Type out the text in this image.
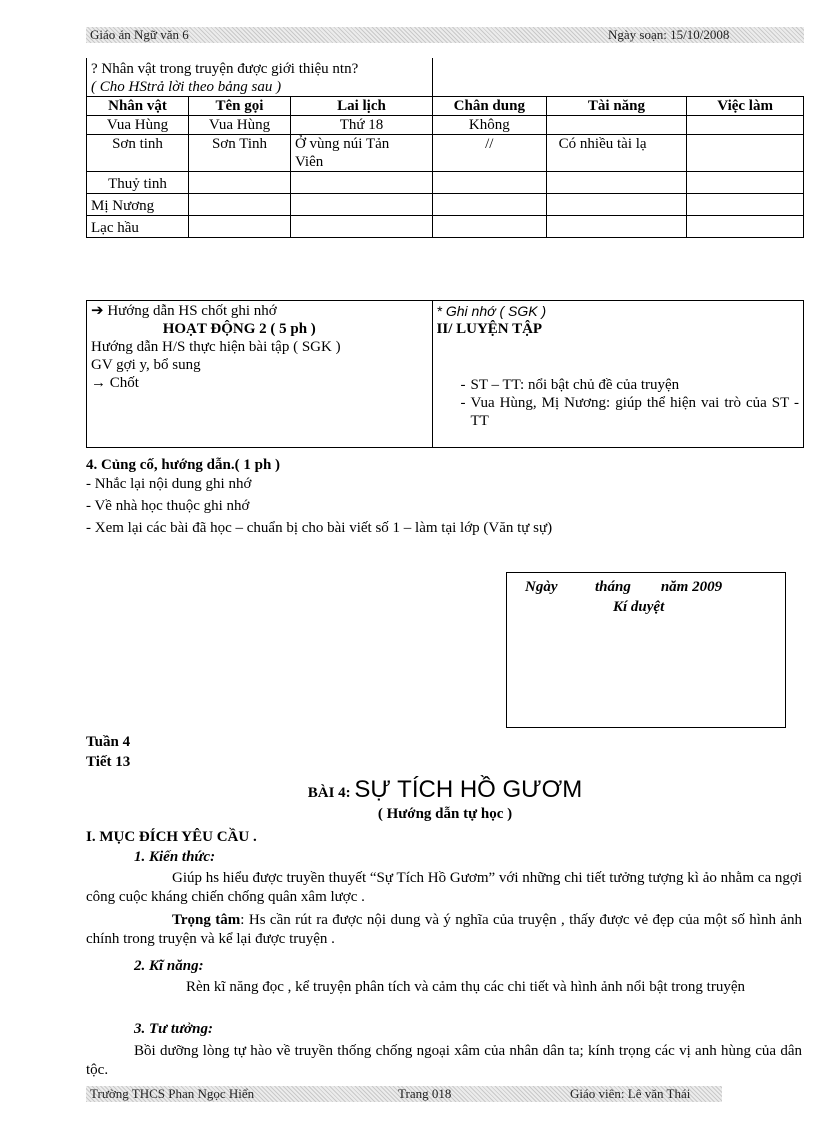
Giáo án Ngữ văn 6	Ngày soạn: 15/10/2008
? Nhân vật trong truyện được giới thiệu ntn?
( Cho HStrả lời theo bảng sau )					

Nhân vật	Tên gọi	Lai lịch	Chân dung	Tài năng	Việc làm
Vua Hùng	Vua Hùng	Thứ 18	Không		
Sơn tinh	Sơn Tinh	Ở vùng núi Tản Viên	//	Có nhiều tài lạ	
Thuỷ tinh					
Mị Nương					
Lạc hầu					
➔ Hướng dẫn HS chốt ghi nhớ
HOẠT ĐỘNG 2 ( 5 ph )
Hướng dẫn H/S thực hiện bài tập ( SGK )
GV gợi y, bổ sung
→ Chốt

* Ghi nhớ ( SGK )
II/ LUYỆN TẬP
- ST – TT: nổi bật chủ đề của truyện
- Vua Hùng, Mị Nương: giúp thể hiện vai trò của ST - TT
4. Củng cố, hướng dẫn.( 1 ph )
- Nhắc lại nội dung ghi nhớ
- Về nhà học thuộc ghi nhớ
- Xem lại các bài đã học – chuẩn bị cho bài viết số 1 – làm tại lớp (Văn tự sự)
Ngày          tháng        năm 2009
Kí duyệt
Tuần 4
Tiết 13
BÀI 4: SỰ TÍCH HỒ GƯƠM
( Hướng dẫn tự học )
I. MỤC ĐÍCH YÊU CẦU .
1. Kiến thức:
Giúp hs hiểu được truyền thuyết “Sự Tích Hồ Gươm” với những chi tiết tưởng tượng kì ảo nhằm ca ngợi công cuộc kháng chiến chống quân xâm lược .
Trọng tâm: Hs cần rút ra được nội dung và ý nghĩa của truyện , thấy được vẻ đẹp của một số hình ảnh chính trong truyện và kể lại được truyện .
2. Kĩ năng:
Rèn kĩ năng đọc , kể truyện phân tích và cảm thụ các chi tiết và hình ảnh nổi bật trong truyện
3. Tư tưởng:
Bồi dưỡng lòng tự hào về truyền thống chống ngoại xâm của nhân dân ta; kính trọng các vị anh hùng của dân tộc.
Trường THCS Phan Ngọc Hiển	Trang 018	Giáo viên: Lê văn Thái
